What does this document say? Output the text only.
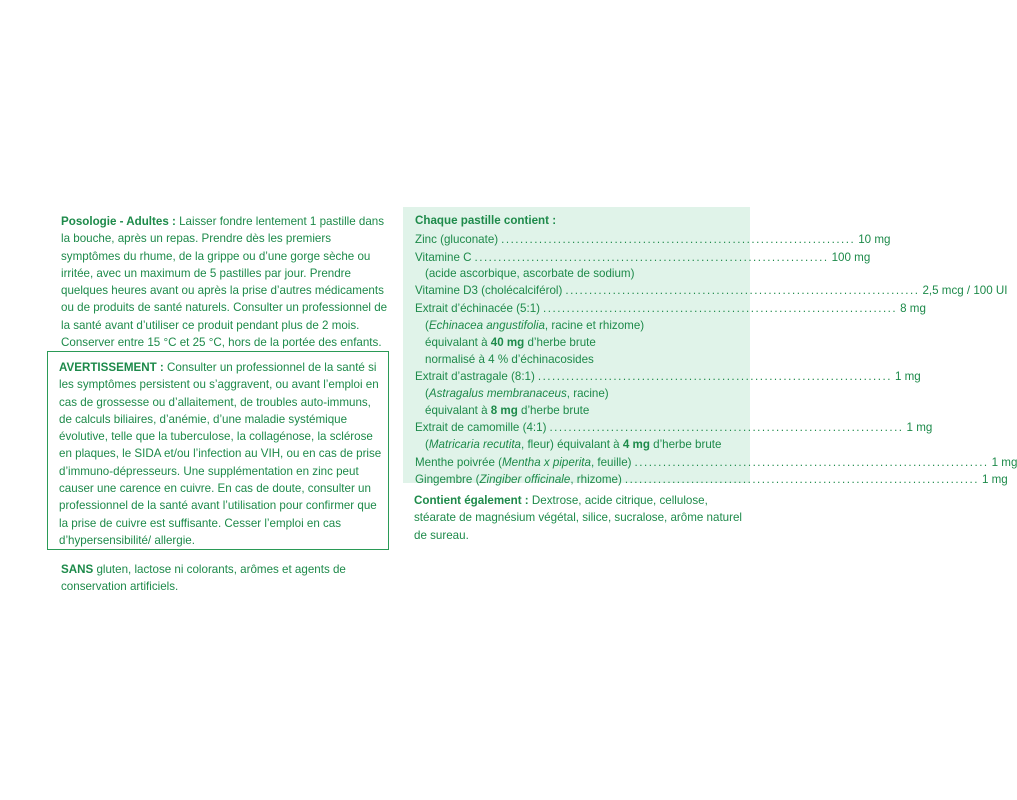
Posologie - Adultes : Laisser fondre lentement 1 pastille dans la bouche, après un repas. Prendre dès les premiers symptômes du rhume, de la grippe ou d’une gorge sèche ou irritée, avec un maximum de 5 pastilles par jour. Prendre quelques heures avant ou après la prise d’autres médicaments ou de produits de santé naturels. Consulter un professionnel de la santé avant d’utiliser ce produit pendant plus de 2 mois. Conserver entre 15 °C et 25 °C, hors de la portée des enfants.

AVERTISSEMENT : Consulter un professionnel de la santé si les symptômes persistent ou s’aggravent, ou avant l’emploi en cas de grossesse ou d’allaitement, de troubles auto-immuns, de calculs biliaires, d’anémie, d’une maladie systémique évolutive, telle que la tuberculose, la collagénose, la sclérose en plaques, le SIDA et/ou l’infection au VIH, ou en cas de prise d’immuno-dépresseurs. Une supplémentation en zinc peut causer une carence en cuivre. En cas de doute, consulter un professionnel de la santé avant l’utilisation pour confirmer que la prise de cuivre est suffisante. Cesser l’emploi en cas d’hypersensibilité/ allergie.

SANS gluten, lactose ni colorants, arômes et agents de conservation artificiels.

Chaque pastille contient :
Zinc (gluconate) ........................................................................... 10 mg
Vitamine C ........................................................................... 100 mg
(acide ascorbique, ascorbate de sodium)
Vitamine D3 (cholécalciférol) ........................................................................... 2,5 mcg / 100 UI
Extrait d’échinacée (5:1) ........................................................................... 8 mg
(Echinacea angustifolia, racine et rhizome)
équivalant à 40 mg d’herbe brute
normalisé à 4 % d’échinacosides
Extrait d’astragale (8:1) ........................................................................... 1 mg
(Astragalus membranaceus, racine)
équivalant à 8 mg d’herbe brute
Extrait de camomille (4:1) ........................................................................... 1 mg
(Matricaria recutita, fleur) équivalant à 4 mg d’herbe brute
Menthe poivrée (Mentha x piperita, feuille) ........................................................................... 1 mg
Gingembre (Zingiber officinale, rhizome) ........................................................................... 1 mg

Contient également : Dextrose, acide citrique, cellulose, stéarate de magnésium végétal, silice, sucralose, arôme naturel de sureau.
